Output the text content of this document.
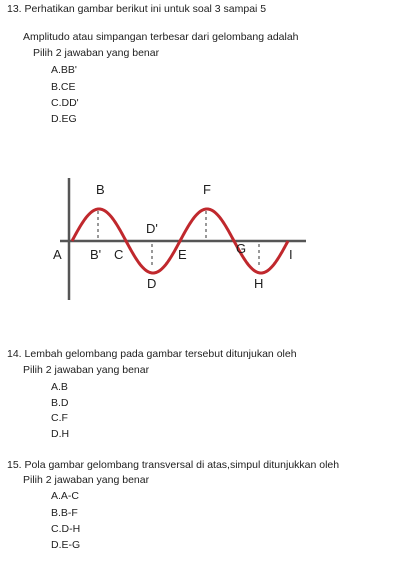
13. Perhatikan gambar berikut ini untuk soal 3 sampai 5
Amplitudo atau simpangan terbesar dari gelombang adalah
Pilih 2 jawaban yang benar
A.BB'
B.CE
C.DD'
D.EG
B	F
D'
A B' C	E	G	I
D	H
14. Lembah gelombang pada gambar tersebut ditunjukan oleh
Pilih 2 jawaban yang benar
A.B
B.D
C.F
D.H
15. Pola gambar gelombang transversal di atas,simpul ditunjukkan oleh
Pilih 2 jawaban yang benar
A.A-C
B.B-F
C.D-H
D.E-G
